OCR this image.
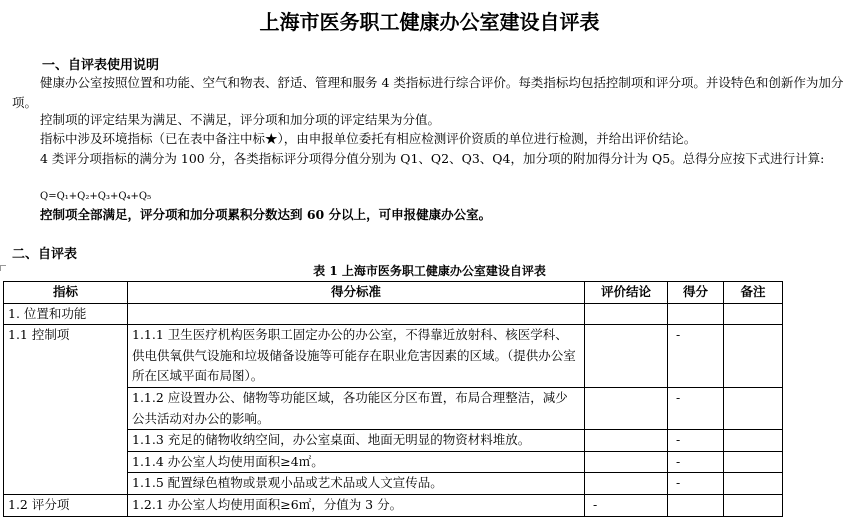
上海市医务职工健康办公室建设自评表
一、自评表使用说明
健康办公室按照位置和功能、空气和物表、舒适、管理和服务 4 类指标进行综合评价。每类指标均包括控制项和评分项。并设特色和创新作为加分项。
控制项的评定结果为满足、不满足，评分项和加分项的评定结果为分值。
指标中涉及环境指标（已在表中备注中标★），由申报单位委托有相应检测评价资质的单位进行检测，并给出评价结论。
4 类评分项指标的满分为 100 分，各类指标评分项得分值分别为 Q1、Q2、Q3、Q4，加分项的附加得分计为 Q5。总得分应按下式进行计算:
Q=Q₁+Q₂+Q₃+Q₄+Q₅
控制项全部满足，评分项和加分项累积分数达到 60 分以上，可申报健康办公室。
二、自评表
表 1 上海市医务职工健康办公室建设自评表
指标	得分标准	评价结论	得分	备注
1. 位置和功能				
1.1 控制项	1.1.1 卫生医疗机构医务职工固定办公的办公室，不得靠近放射科、核医学科、供电供氧供气设施和垃圾储备设施等可能存在职业危害因素的区域。（提供办公室所在区域平面布局图）。		-	
	1.1.2 应设置办公、储物等功能区域，各功能区分区布置，布局合理整洁，减少公共活动对办公的影响。		-	
	1.1.3 充足的储物收纳空间，办公室桌面、地面无明显的物资材料堆放。		-	
	1.1.4 办公室人均使用面积≥4㎡。		-	
	1.1.5 配置绿色植物或景观小品或艺术品或人文宣传品。		-	
1.2 评分项	1.2.1 办公室人均使用面积≥6㎡，分值为 3 分。	-		
